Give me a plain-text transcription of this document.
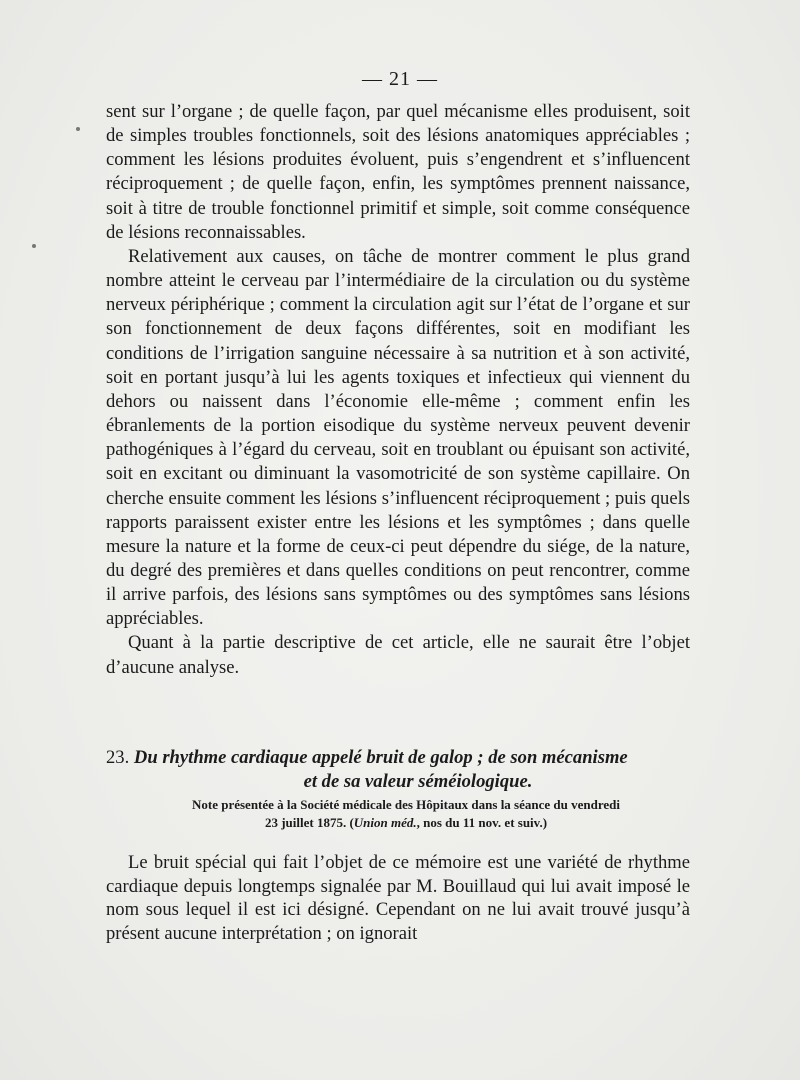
— 21 —

sent sur l’organe ; de quelle façon, par quel mécanisme elles produisent, soit de simples troubles fonctionnels, soit des lésions anatomiques appréciables ; comment les lésions produites évoluent, puis s’engendrent et s’influencent réciproquement ; de quelle façon, enfin, les symptômes prennent naissance, soit à titre de trouble fonctionnel primitif et simple, soit comme conséquence de lésions reconnaissables.

Relativement aux causes, on tâche de montrer comment le plus grand nombre atteint le cerveau par l’intermédiaire de la circulation ou du système nerveux périphérique ; comment la circulation agit sur l’état de l’organe et sur son fonctionnement de deux façons différentes, soit en modifiant les conditions de l’irrigation sanguine nécessaire à sa nutrition et à son activité, soit en portant jusqu’à lui les agents toxiques et infectieux qui viennent du dehors ou naissent dans l’économie elle-même ; comment enfin les ébranlements de la portion eisodique du système nerveux peuvent devenir pathogéniques à l’égard du cerveau, soit en troublant ou épuisant son activité, soit en excitant ou diminuant la vasomotricité de son système capillaire. On cherche ensuite comment les lésions s’influencent réciproquement ; puis quels rapports paraissent exister entre les lésions et les symptômes ; dans quelle mesure la nature et la forme de ceux-ci peut dépendre du siége, de la nature, du degré des premières et dans quelles conditions on peut rencontrer, comme il arrive parfois, des lésions sans symptômes ou des symptômes sans lésions appréciables.

Quant à la partie descriptive de cet article, elle ne saurait être l’objet d’aucune analyse.

23. Du rhythme cardiaque appelé bruit de galop ; de son mécanisme
et de sa valeur séméiologique.
Note présentée à la Société médicale des Hôpitaux dans la séance du vendredi
23 juillet 1875. (Union méd., nos du 11 nov. et suiv.)

Le bruit spécial qui fait l’objet de ce mémoire est une variété de rhythme cardiaque depuis longtemps signalée par M. Bouillaud qui lui avait imposé le nom sous lequel il est ici désigné. Cependant on ne lui avait trouvé jusqu’à présent aucune interprétation ; on ignorait
